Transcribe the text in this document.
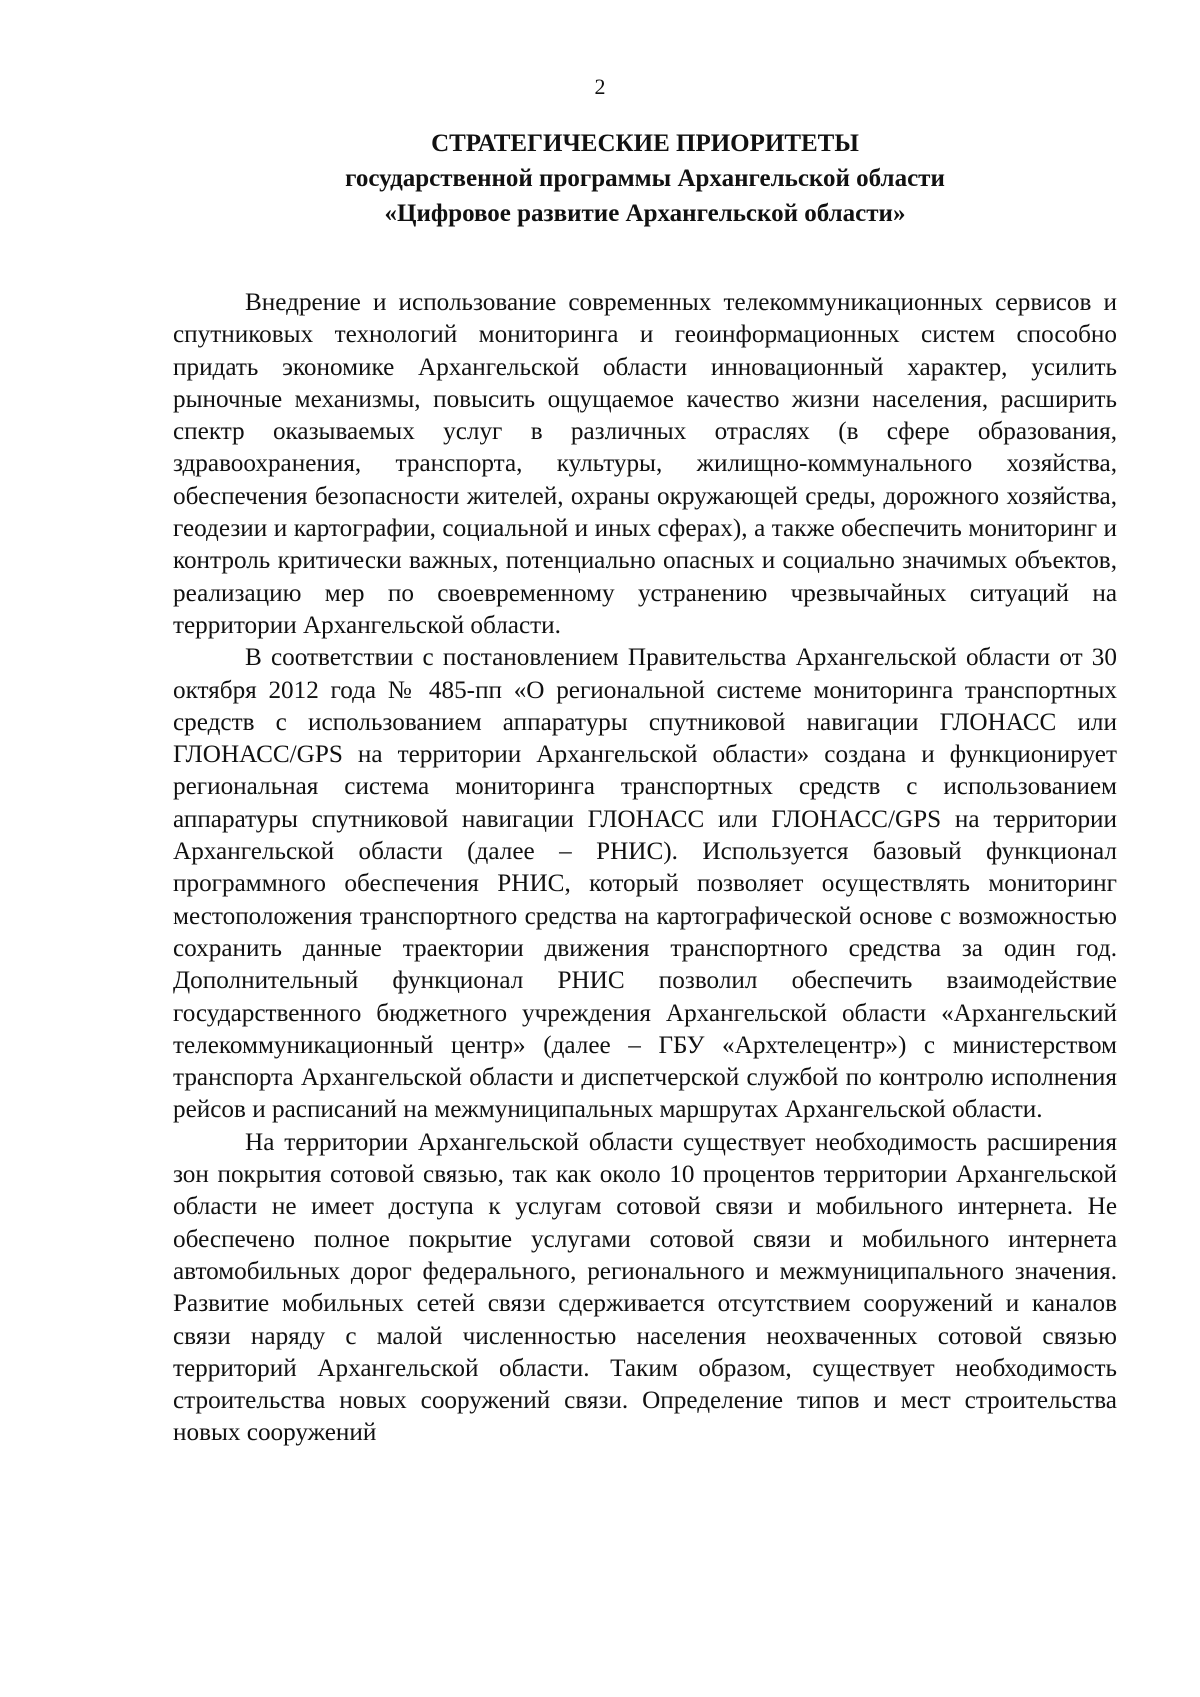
2
СТРАТЕГИЧЕСКИЕ ПРИОРИТЕТЫ
государственной программы Архангельской области
«Цифровое развитие Архангельской области»

Внедрение и использование современных телекоммуникационных сервисов и спутниковых технологий мониторинга и геоинформационных систем способно придать экономике Архангельской области инновационный характер, усилить рыночные механизмы, повысить ощущаемое качество жизни населения, расширить спектр оказываемых услуг в различных отраслях (в сфере образования, здравоохранения, транспорта, культуры, жилищно-коммунального хозяйства, обеспечения безопасности жителей, охраны окружающей среды, дорожного хозяйства, геодезии и картографии, социальной и иных сферах), а также обеспечить мониторинг и контроль критически важных, потенциально опасных и социально значимых объектов, реализацию мер по своевременному устранению чрезвычайных ситуаций на территории Архангельской области.

В соответствии с постановлением Правительства Архангельской области от 30 октября 2012 года № 485-пп «О региональной системе мониторинга транспортных средств с использованием аппаратуры спутниковой навигации ГЛОНАСС или ГЛОНАСС/GPS на территории Архангельской области» создана и функционирует региональная система мониторинга транспортных средств с использованием аппаратуры спутниковой навигации ГЛОНАСС или ГЛОНАСС/GPS на территории Архангельской области (далее – РНИС). Используется базовый функционал программного обеспечения РНИС, который позволяет осуществлять мониторинг местоположения транспортного средства на картографической основе с возможностью сохранить данные траектории движения транспортного средства за один год. Дополнительный функционал РНИС позволил обеспечить взаимодействие государственного бюджетного учреждения Архангельской области «Архангельский телекоммуникационный центр» (далее – ГБУ «Архтелецентр») с министерством транспорта Архангельской области и диспетчерской службой по контролю исполнения рейсов и расписаний на межмуниципальных маршрутах Архангельской области.

На территории Архангельской области существует необходимость расширения зон покрытия сотовой связью, так как около 10 процентов территории Архангельской области не имеет доступа к услугам сотовой связи и мобильного интернета. Не обеспечено полное покрытие услугами сотовой связи и мобильного интернета автомобильных дорог федерального, регионального и межмуниципального значения. Развитие мобильных сетей связи сдерживается отсутствием сооружений и каналов связи наряду с малой численностью населения неохваченных сотовой связью территорий Архангельской области. Таким образом, существует необходимость строительства новых сооружений связи. Определение типов и мест строительства новых сооружений
